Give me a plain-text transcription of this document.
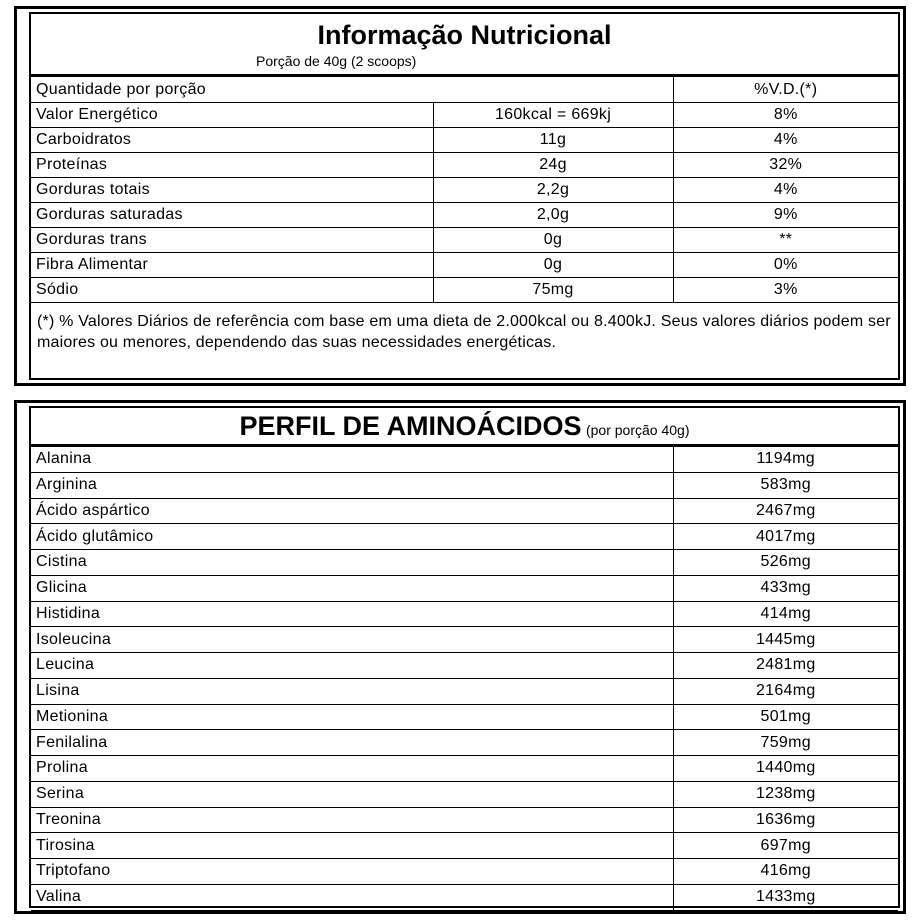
Informação Nutricional
Porção de 40g (2 scoops)
Quantidade por porção		%V.D.(*)
Valor Energético	160kcal = 669kj	8%
Carboidratos	11g	4%
Proteínas	24g	32%
Gorduras totais	2,2g	4%
Gorduras saturadas	2,0g	9%
Gorduras trans	0g	**
Fibra Alimentar	0g	0%
Sódio	75mg	3%
(*) % Valores Diários de referência com base em uma dieta de 2.000kcal ou 8.400kJ. Seus valores diários podem ser maiores ou menores, dependendo das suas necessidades energéticas.
PERFIL DE AMINOÁCIDOS (por porção 40g)
Alanina	1194mg
Arginina	583mg
Ácido aspártico	2467mg
Ácido glutâmico	4017mg
Cistina	526mg
Glicina	433mg
Histidina	414mg
Isoleucina	1445mg
Leucina	2481mg
Lisina	2164mg
Metionina	501mg
Fenilalina	759mg
Prolina	1440mg
Serina	1238mg
Treonina	1636mg
Tirosina	697mg
Triptofano	416mg
Valina	1433mg
